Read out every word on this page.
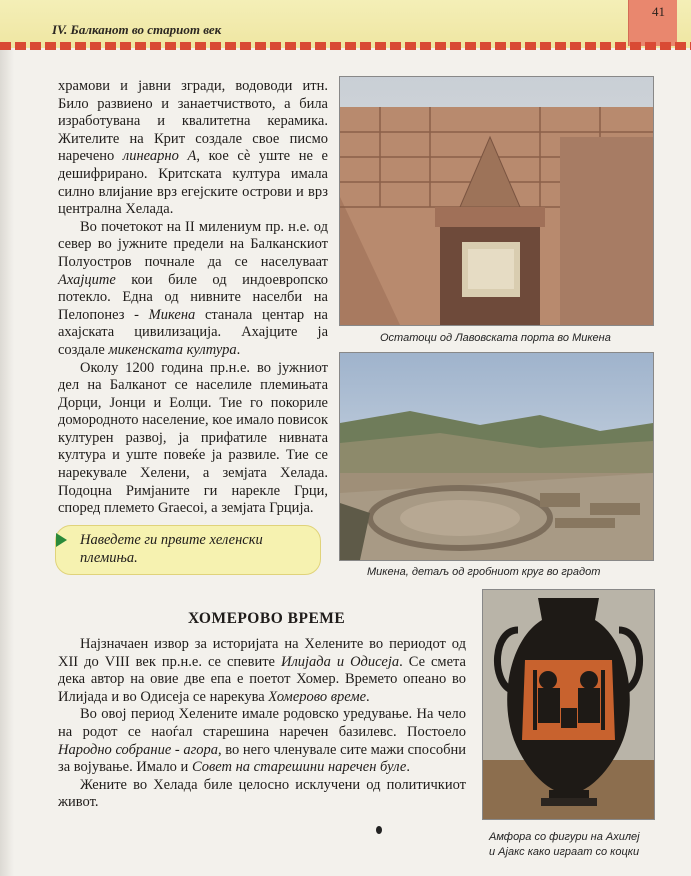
IV. Балканот во стариот век
41

храмови и јавни згради, водоводи итн. Било развиено и занаетчиството, а била изработувана и квалитетна керамика. Жителите на Крит создале свое писмо наречено линеарно А, кое сѐ уште не е дешифрирано. Критската култура имала силно влијание врз егејските острови и врз централна Хелада.

Во почетокот на II милениум пр. н.е. од север во јужните предели на Балканскиот Полуостров почнале да се населуваат Ахајците кои биле од индоевропско потекло. Една од нивните населби на Пелопонез - Микена станала центар на ахајската цивилизација. Ахајците ја создале микенската култура.

Околу 1200 година пр.н.е. во јужниот дел на Балканот се населиле племињата Дорци, Јонци и Еолци. Тие го покориле домородното население, кое имало повисок културен развој, ја прифатиле нивната култура и уште повеќе ја развиле. Тие се нарекувале Хелени, а земјата Хелада. Подоцна Римјаните ги нарекле Грци, според племето Graecoi, а земјата Грција.

Наведете ги првите хеленски племиња.
Остатоци од Лавовската порта во Микена
Микена, детаљ од гробниот круг во градот
ХОМЕРОВО ВРЕМЕ

Најзначаен извор за историјата на Хелените во периодот од XII до VIII век пр.н.е. се спевите Илијада и Одисеја. Се смета дека автор на овие две епа е поетот Хомер. Времето опеано во Илијада и во Одисеја се нарекува Хомерово време.

Во овој период Хелените имале родовско уредување. На чело на родот се наоѓал старешина наречен базилевс. Постоело Народно собрание - агора, во него членувале сите мажи способни за војување. Имало и Совет на старешини наречен буле.

Жените во Хелада биле целосно исклучени од политичкиот живот.

Амфора со фигури на Ахилеј
и Ајакс како играат со коцки
